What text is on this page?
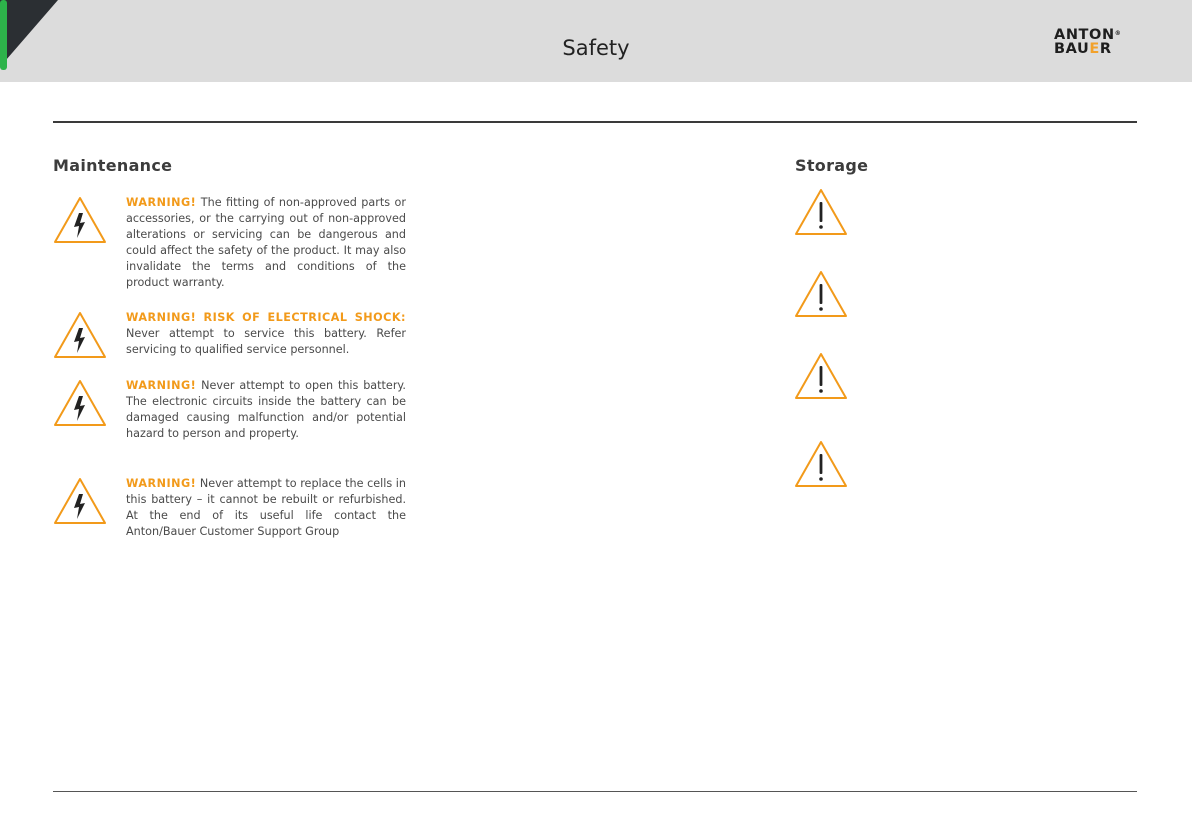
Safety
ANTON®
BAUER
Maintenance
WARNING! The fitting of non-approved parts or accessories, or the carrying out of non-approved alterations or servicing can be dangerous and could affect the safety of the product. It may also invalidate the terms and conditions of the product warranty.
WARNING! RISK OF ELECTRICAL SHOCK: Never attempt to service this battery. Refer servicing to qualified service personnel.
WARNING! Never attempt to open this battery. The electronic circuits inside the battery can be damaged causing malfunction and/or potential hazard to person and property.
WARNING! Never attempt to replace the cells in this battery – it cannot be rebuilt or refurbished. At the end of its useful life contact the Anton/Bauer Customer Support Group
Storage
